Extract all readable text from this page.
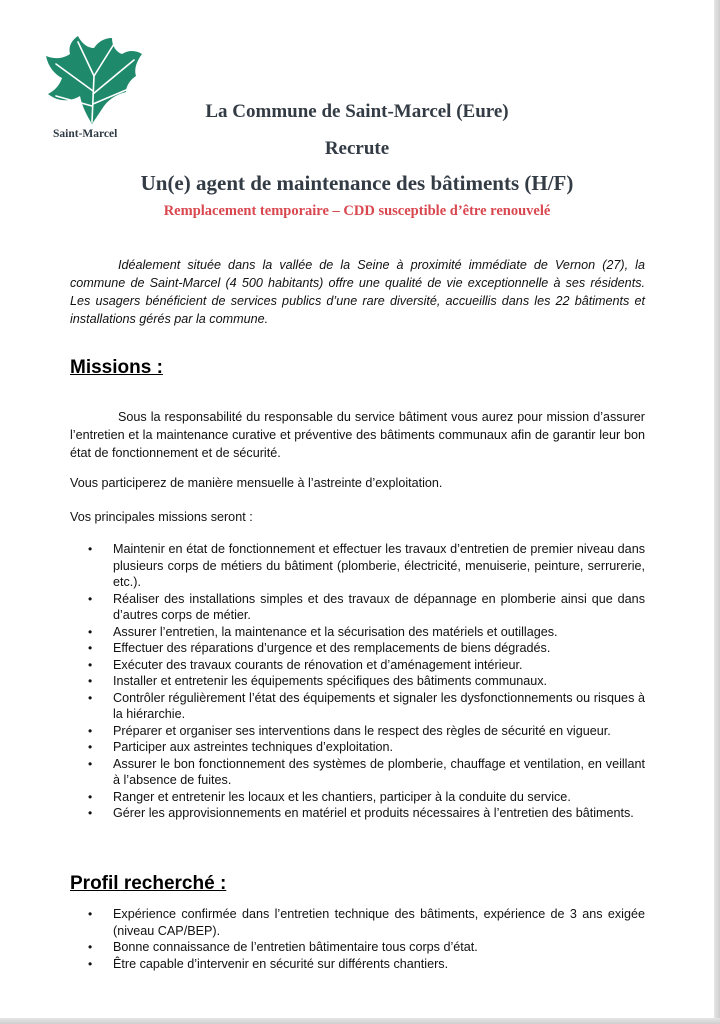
Saint-Marcel
La Commune de Saint-Marcel (Eure)
Recrute
Un(e) agent de maintenance des bâtiments (H/F)
Remplacement temporaire – CDD susceptible d’être renouvelé
Idéalement située dans la vallée de la Seine à proximité immédiate de Vernon (27), la commune de Saint-Marcel (4 500 habitants) offre une qualité de vie exceptionnelle à ses résidents. Les usagers bénéficient de services publics d’une rare diversité, accueillis dans les 22 bâtiments et installations gérés par la commune.
Missions :
Sous la responsabilité du responsable du service bâtiment vous aurez pour mission d’assurer l’entretien et la maintenance curative et préventive des bâtiments communaux afin de garantir leur bon état de fonctionnement et de sécurité.
Vous participerez de manière mensuelle à l’astreinte d’exploitation.
Vos principales missions seront :
• Maintenir en état de fonctionnement et effectuer les travaux d’entretien de premier niveau dans plusieurs corps de métiers du bâtiment (plomberie, électricité, menuiserie, peinture, serrurerie, etc.).
• Réaliser des installations simples et des travaux de dépannage en plomberie ainsi que dans d’autres corps de métier.
• Assurer l’entretien, la maintenance et la sécurisation des matériels et outillages.
• Effectuer des réparations d’urgence et des remplacements de biens dégradés.
• Exécuter des travaux courants de rénovation et d’aménagement intérieur.
• Installer et entretenir les équipements spécifiques des bâtiments communaux.
• Contrôler régulièrement l’état des équipements et signaler les dysfonctionnements ou risques à la hiérarchie.
• Préparer et organiser ses interventions dans le respect des règles de sécurité en vigueur.
• Participer aux astreintes techniques d’exploitation.
• Assurer le bon fonctionnement des systèmes de plomberie, chauffage et ventilation, en veillant à l’absence de fuites.
• Ranger et entretenir les locaux et les chantiers, participer à la conduite du service.
• Gérer les approvisionnements en matériel et produits nécessaires à l’entretien des bâtiments.
Profil recherché :
• Expérience confirmée dans l’entretien technique des bâtiments, expérience de 3 ans exigée (niveau CAP/BEP).
• Bonne connaissance de l’entretien bâtimentaire tous corps d’état.
• Être capable d’intervenir en sécurité sur différents chantiers.
